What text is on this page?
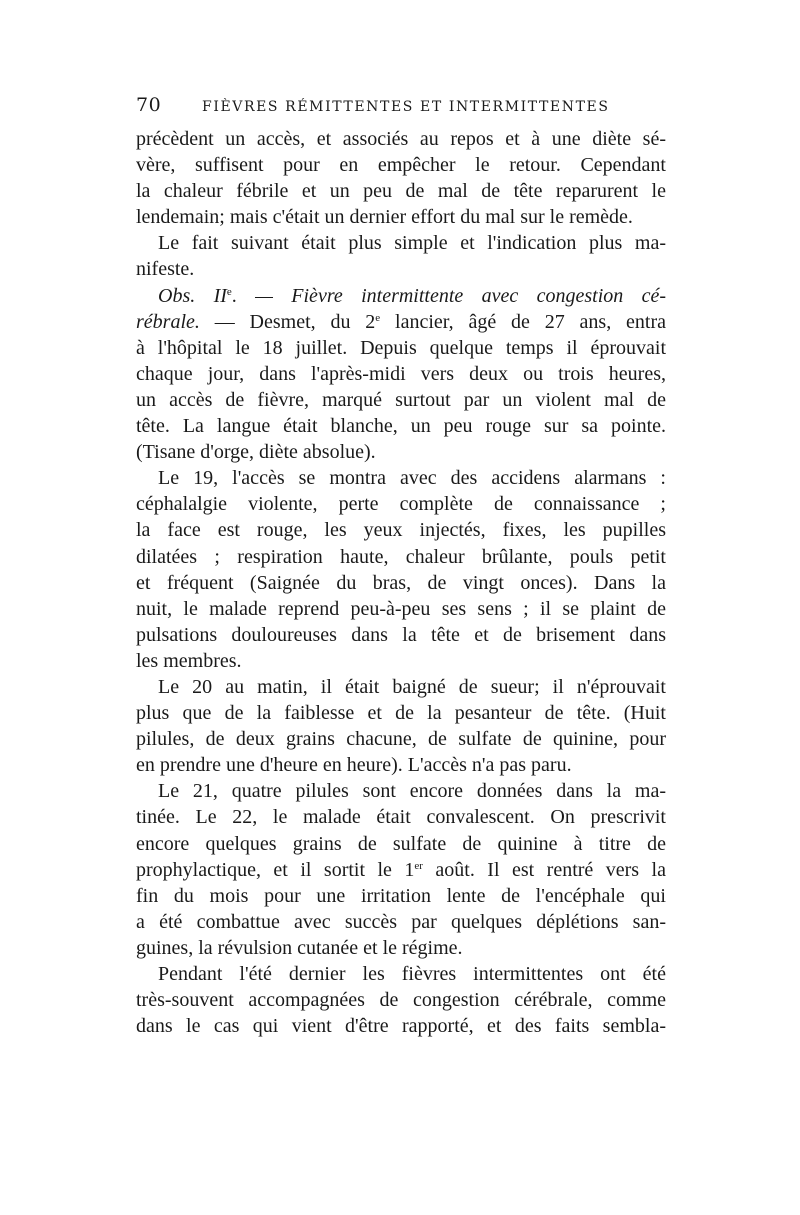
70	FIÈVRES RÉMITTENTES ET INTERMITTENTES

précèdent un accès, et associés au repos et à une diète sé-
vère, suffisent pour en empêcher le retour. Cependant
la chaleur fébrile et un peu de mal de tête reparurent le
lendemain; mais c'était un dernier effort du mal sur le remède.

Le fait suivant était plus simple et l'indication plus ma-
nifeste.

Obs. IIe. — Fièvre intermittente avec congestion cé-
rébrale. — Desmet, du 2e lancier, âgé de 27 ans, entra
à l'hôpital le 18 juillet. Depuis quelque temps il éprouvait
chaque jour, dans l'après-midi vers deux ou trois heures,
un accès de fièvre, marqué surtout par un violent mal de
tête. La langue était blanche, un peu rouge sur sa pointe.
(Tisane d'orge, diète absolue).

Le 19, l'accès se montra avec des accidens alarmans :
céphalalgie violente, perte complète de connaissance ;
la face est rouge, les yeux injectés, fixes, les pupilles
dilatées ; respiration haute, chaleur brûlante, pouls petit
et fréquent (Saignée du bras, de vingt onces). Dans la
nuit, le malade reprend peu-à-peu ses sens ; il se plaint de
pulsations douloureuses dans la tête et de brisement dans
les membres.

Le 20 au matin, il était baigné de sueur; il n'éprouvait
plus que de la faiblesse et de la pesanteur de tête. (Huit
pilules, de deux grains chacune, de sulfate de quinine, pour
en prendre une d'heure en heure). L'accès n'a pas paru.

Le 21, quatre pilules sont encore données dans la ma-
tinée. Le 22, le malade était convalescent. On prescrivit
encore quelques grains de sulfate de quinine à titre de
prophylactique, et il sortit le 1er août. Il est rentré vers la
fin du mois pour une irritation lente de l'encéphale qui
a été combattue avec succès par quelques déplétions san-
guines, la révulsion cutanée et le régime.

Pendant l'été dernier les fièvres intermittentes ont été
très-souvent accompagnées de congestion cérébrale, comme
dans le cas qui vient d'être rapporté, et des faits sembla-
